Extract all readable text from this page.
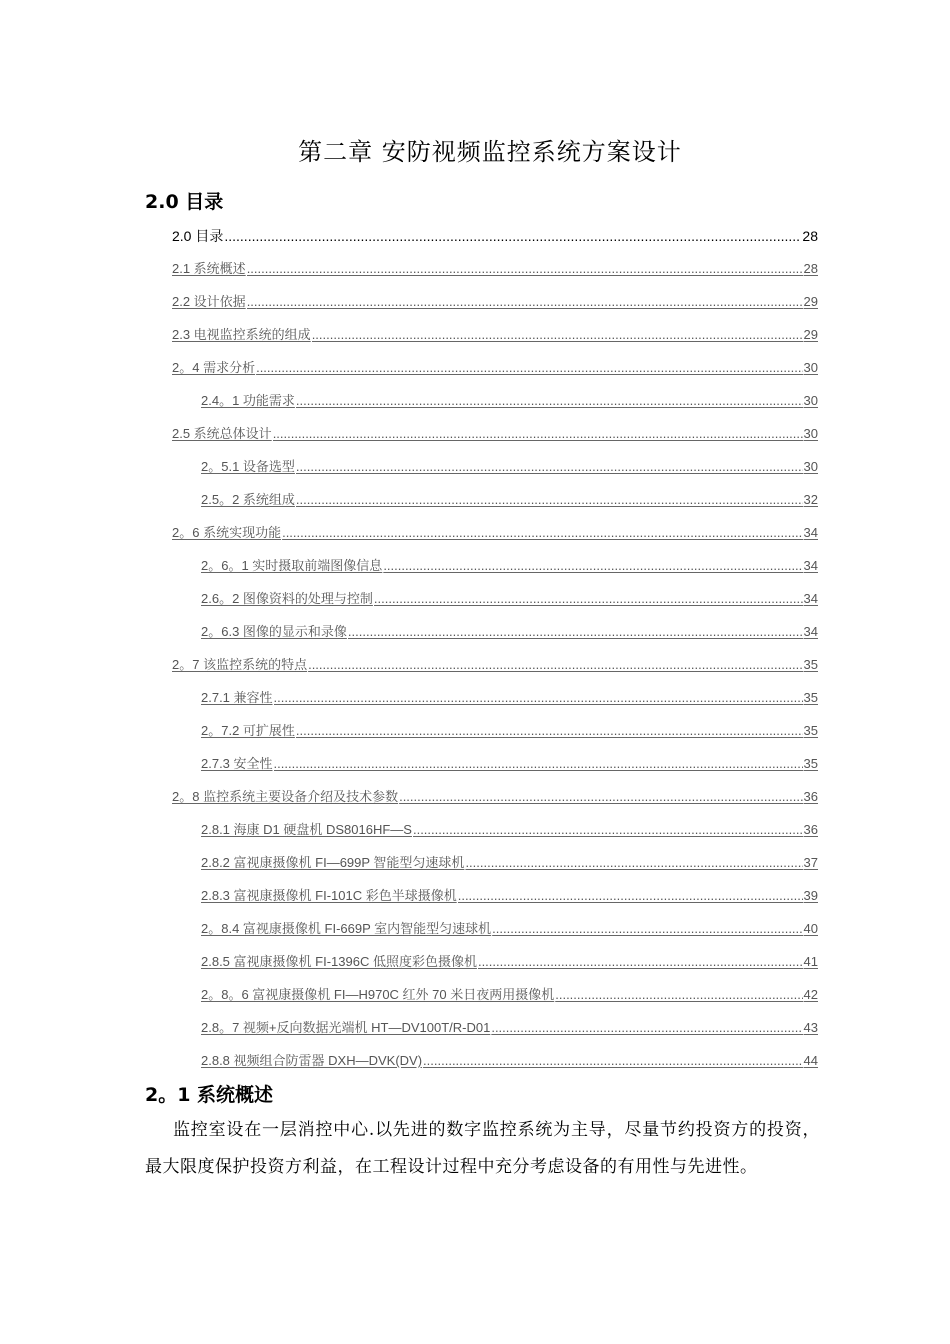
第二章 安防视频监控系统方案设计
2.0 目录
2.0 目录 .....	28
2.1 系统概述 .....	28
2.2 设计依据 .....	29
2.3 电视监控系统的组成 .....	29
2。4 需求分析 .....	30
2.4。1 功能需求 .....	30
2.5 系统总体设计 .....	30
2。5.1 设备选型 .....	30
2.5。2 系统组成 .....	32
2。6 系统实现功能 .....	34
2。6。1 实时摄取前端图像信息 .....	34
2.6。2 图像资料的处理与控制 .....	34
2。6.3 图像的显示和录像 .....	34
2。7 该监控系统的特点 .....	35
2.7.1 兼容性 .....	35
2。7.2 可扩展性 .....	35
2.7.3 安全性 .....	35
2。8 监控系统主要设备介绍及技术参数 .....	36
2.8.1 海康 D1 硬盘机 DS8016HF—S .....	36
2.8.2 富视康摄像机 FI—699P 智能型匀速球机 .....	37
2.8.3 富视康摄像机 FI-101C 彩色半球摄像机 .....	39
2。8.4 富视康摄像机 FI-669P 室内智能型匀速球机 .....	40
2.8.5 富视康摄像机 FI-1396C 低照度彩色摄像机 .....	41
2。8。6 富视康摄像机 FI—H970C 红外 70 米日夜两用摄像机 .....	42
2.8。7 视频+反向数据光端机 HT—DV100T/R-D01 .....	43
2.8.8 视频组合防雷器 DXH—DVK(DV) .....	44
2。1 系统概述

监控室设在一层消控中心.以先进的数字监控系统为主导，尽量节约投资方的投资，最大限度保护投资方利益，在工程设计过程中充分考虑设备的有用性与先进性。
